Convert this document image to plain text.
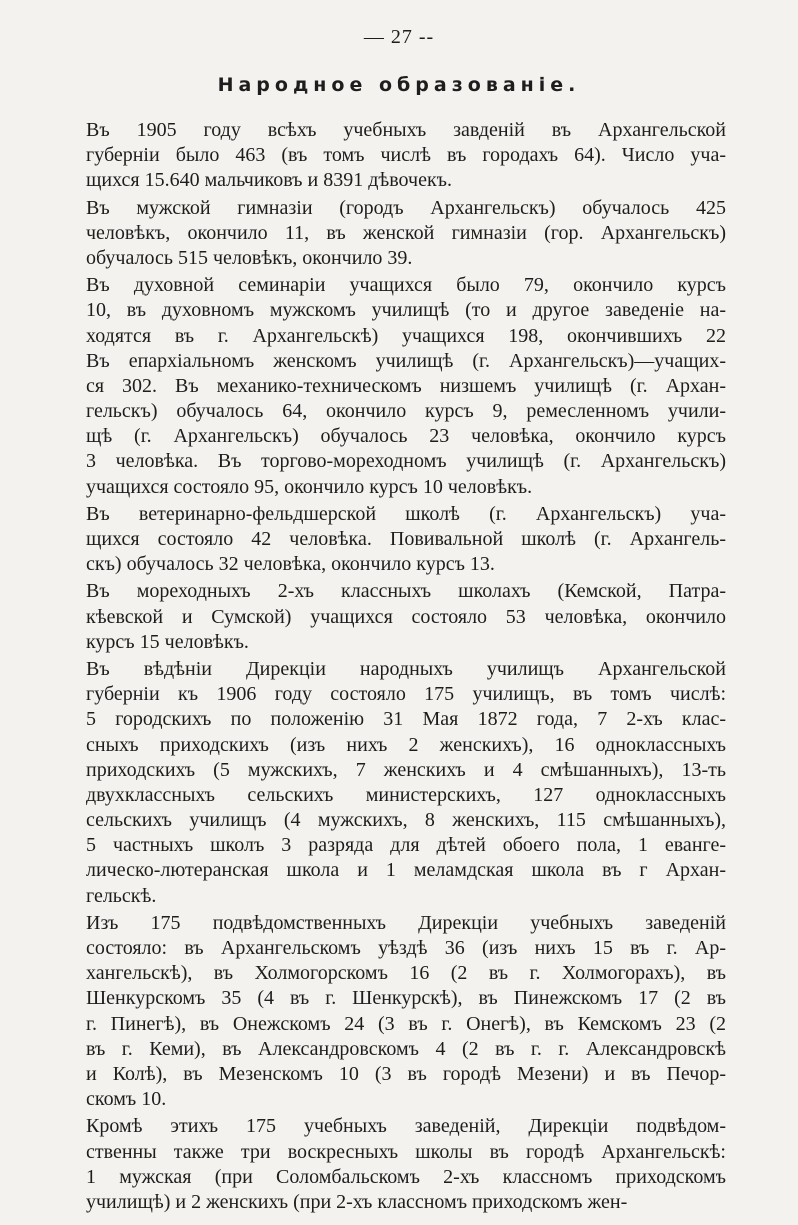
— 27 --
Народное образованіе.
Въ 1905 году всѣхъ учебныхъ завденій въ Архангельской
губерніи было 463 (въ томъ числѣ въ городахъ 64). Число уча-
щихся 15.640 мальчиковъ и 8391 дѣвочекъ.
Въ мужской гимназіи (городъ Архангельскъ) обучалось 425
человѣкъ, окончило 11, въ женской гимназіи (гор. Архангельскъ)
обучалось 515 человѣкъ, окончило 39.
Въ духовной семинаріи учащихся было 79, окончило курсъ
10, въ духовномъ мужскомъ училищѣ (то и другое заведеніе на-
ходятся въ г. Архангельскѣ) учащихся 198, окончившихъ 22
Въ епархіальномъ женскомъ училищѣ (г. Архангельскъ)—учащих-
ся 302. Въ механико-техническомъ низшемъ училищѣ (г. Архан-
гельскъ) обучалось 64, окончило курсъ 9, ремесленномъ учили-
щѣ (г. Архангельскъ) обучалось 23 человѣка, окончило курсъ
3 человѣка. Въ торгово-мореходномъ училищѣ (г. Архангельскъ)
учащихся состояло 95, окончило курсъ 10 человѣкъ.
Въ ветеринарно-фельдшерской школѣ (г. Архангельскъ) уча-
щихся состояло 42 человѣка. Повивальной школѣ (г. Архангель-
скъ) обучалось 32 человѣка, окончило курсъ 13.
Въ мореходныхъ 2-хъ классныхъ школахъ (Кемской, Патра-
кѣевской и Сумской) учащихся состояло 53 человѣка, окончило
курсъ 15 человѣкъ.
Въ вѣдѣніи Дирекціи народныхъ училищъ Архангельской
губерніи къ 1906 году состояло 175 училищъ, въ томъ числѣ:
5 городскихъ по положенію 31 Мая 1872 года, 7 2-хъ клас-
сныхъ приходскихъ (изъ нихъ 2 женскихъ), 16 одноклассныхъ
приходскихъ (5 мужскихъ, 7 женскихъ и 4 смѣшанныхъ), 13-ть
двухклассныхъ сельскихъ министерскихъ, 127 одноклассныхъ
сельскихъ училищъ (4 мужскихъ, 8 женскихъ, 115 смѣшанныхъ),
5 частныхъ школъ 3 разряда для дѣтей обоего пола, 1 еванге-
лическо-лютеранская школа и 1 меламдская школа въ г Архан-
гельскѣ.
Изъ 175 подвѣдомственныхъ Дирекціи учебныхъ заведеній
состояло: въ Архангельскомъ уѣздѣ 36 (изъ нихъ 15 въ г. Ар-
хангельскѣ), въ Холмогорскомъ 16 (2 въ г. Холмогорахъ), въ
Шенкурскомъ 35 (4 въ г. Шенкурскѣ), въ Пинежскомъ 17 (2 въ
г. Пинегѣ), въ Онежскомъ 24 (3 въ г. Онегѣ), въ Кемскомъ 23 (2
въ г. Кеми), въ Александровскомъ 4 (2 въ г. г. Александровскѣ
и Колѣ), въ Мезенскомъ 10 (3 въ городѣ Мезени) и въ Печор-
скомъ 10.
Кромѣ этихъ 175 учебныхъ заведеній, Дирекціи подвѣдом-
ственны также три воскресныхъ школы въ городѣ Архангельскѣ:
1 мужская (при Соломбальскомъ 2-хъ классномъ приходскомъ
училищѣ) и 2 женскихъ (при 2-хъ классномъ приходскомъ жен-
